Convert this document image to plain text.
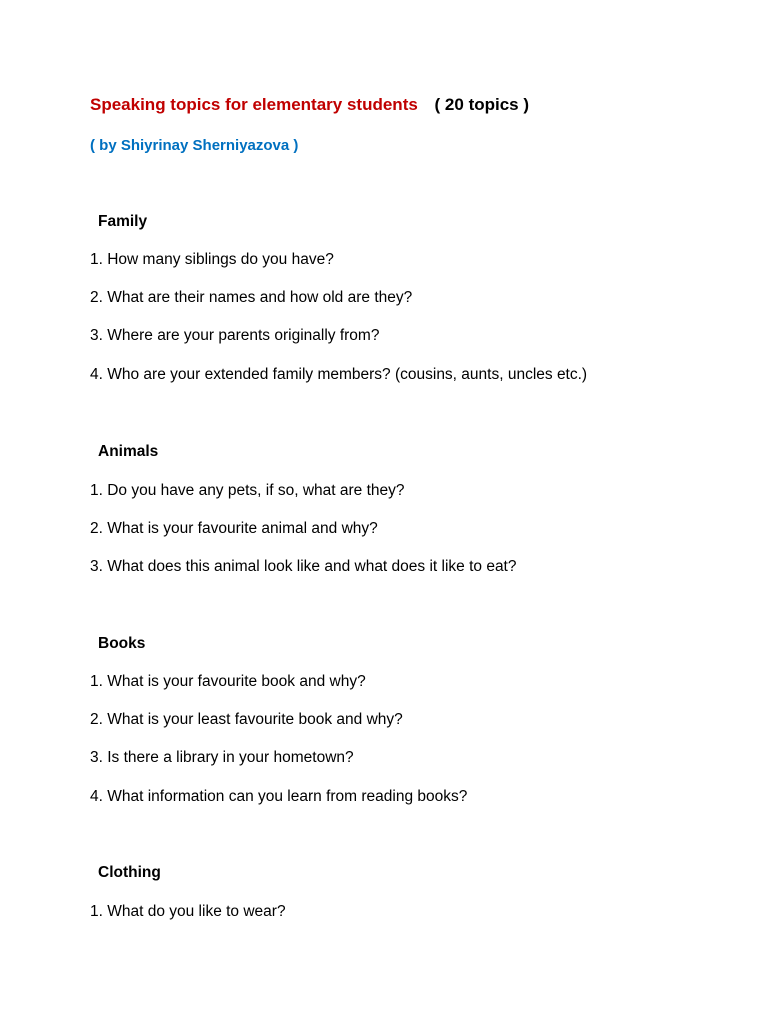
Speaking topics for elementary students ( 20 topics )
( by Shiyrinay Sherniyazova )
Family
1. How many siblings do you have?
2. What are their names and how old are they?
3. Where are your parents originally from?
4. Who are your extended family members? (cousins, aunts, uncles etc.)
Animals
1. Do you have any pets, if so, what are they?
2. What is your favourite animal and why?
3. What does this animal look like and what does it like to eat?
Books
1. What is your favourite book and why?
2. What is your least favourite book and why?
3. Is there a library in your hometown?
4. What information can you learn from reading books?
Clothing
1. What do you like to wear?
